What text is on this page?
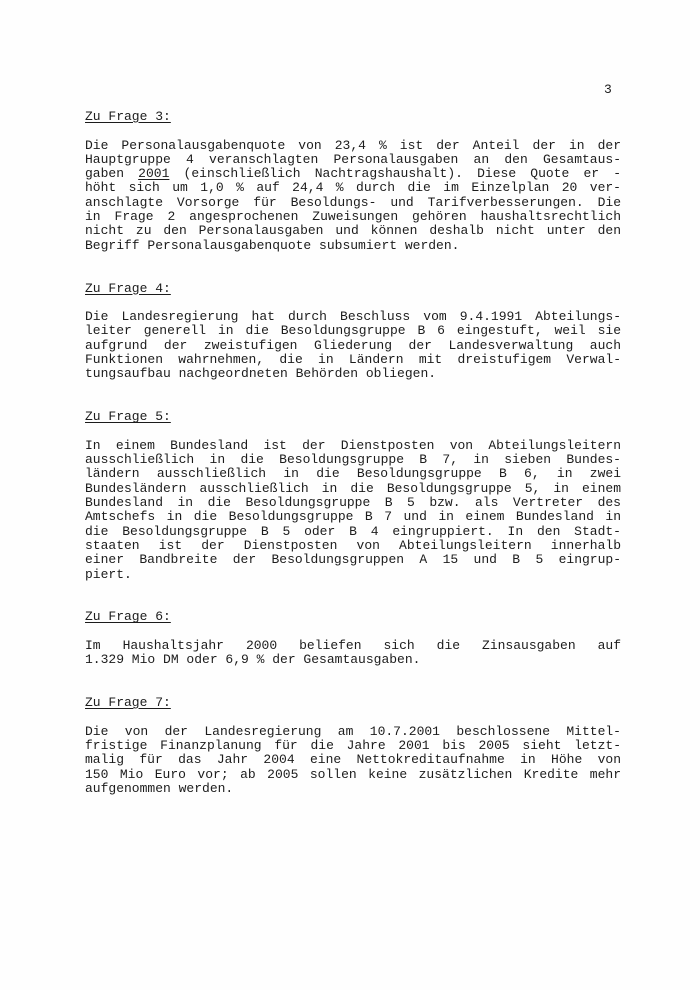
3
Zu Frage 3:
Die Personalausgabenquote von 23,4 % ist der Anteil der in der
Hauptgruppe 4 veranschlagten Personalausgaben an den Gesamtaus-
gaben 2001 (einschließlich Nachtragshaushalt). Diese Quote er -
höht sich um 1,0 % auf 24,4 % durch die im Einzelplan 20 ver-
anschlagte Vorsorge für Besoldungs- und Tarifverbesserungen. Die
in Frage 2 angesprochenen Zuweisungen gehören haushaltsrechtlich
nicht zu den Personalausgaben und können deshalb nicht unter den
Begriff Personalausgabenquote subsumiert werden.
Zu Frage 4:
Die Landesregierung hat durch Beschluss vom 9.4.1991 Abteilungs-
leiter generell in die Besoldungsgruppe B 6 eingestuft, weil sie
aufgrund der zweistufigen Gliederung der Landesverwaltung auch
Funktionen wahrnehmen, die in Ländern mit dreistufigem Verwal-
tungsaufbau nachgeordneten Behörden obliegen.
Zu Frage 5:
In einem Bundesland ist der Dienstposten von Abteilungsleitern
ausschließlich in die Besoldungsgruppe B 7, in sieben Bundes-
ländern ausschließlich in die Besoldungsgruppe B 6, in zwei
Bundesländern ausschließlich in die Besoldungsgruppe 5, in einem
Bundesland in die Besoldungsgruppe B 5 bzw. als Vertreter des
Amtschefs in die Besoldungsgruppe B 7 und in einem Bundesland in
die Besoldungsgruppe B 5 oder B 4 eingruppiert. In den Stadt-
staaten ist der Dienstposten von Abteilungsleitern innerhalb
einer Bandbreite der Besoldungsgruppen A 15 und B 5 eingrup-
piert.
Zu Frage 6:
Im Haushaltsjahr 2000 beliefen sich die Zinsausgaben auf
1.329 Mio DM oder 6,9 % der Gesamtausgaben.
Zu Frage 7:
Die von der Landesregierung am 10.7.2001 beschlossene Mittel-
fristige Finanzplanung für die Jahre 2001 bis 2005 sieht letzt-
malig für das Jahr 2004 eine Nettokreditaufnahme in Höhe von
150 Mio Euro vor; ab 2005 sollen keine zusätzlichen Kredite mehr
aufgenommen werden.
